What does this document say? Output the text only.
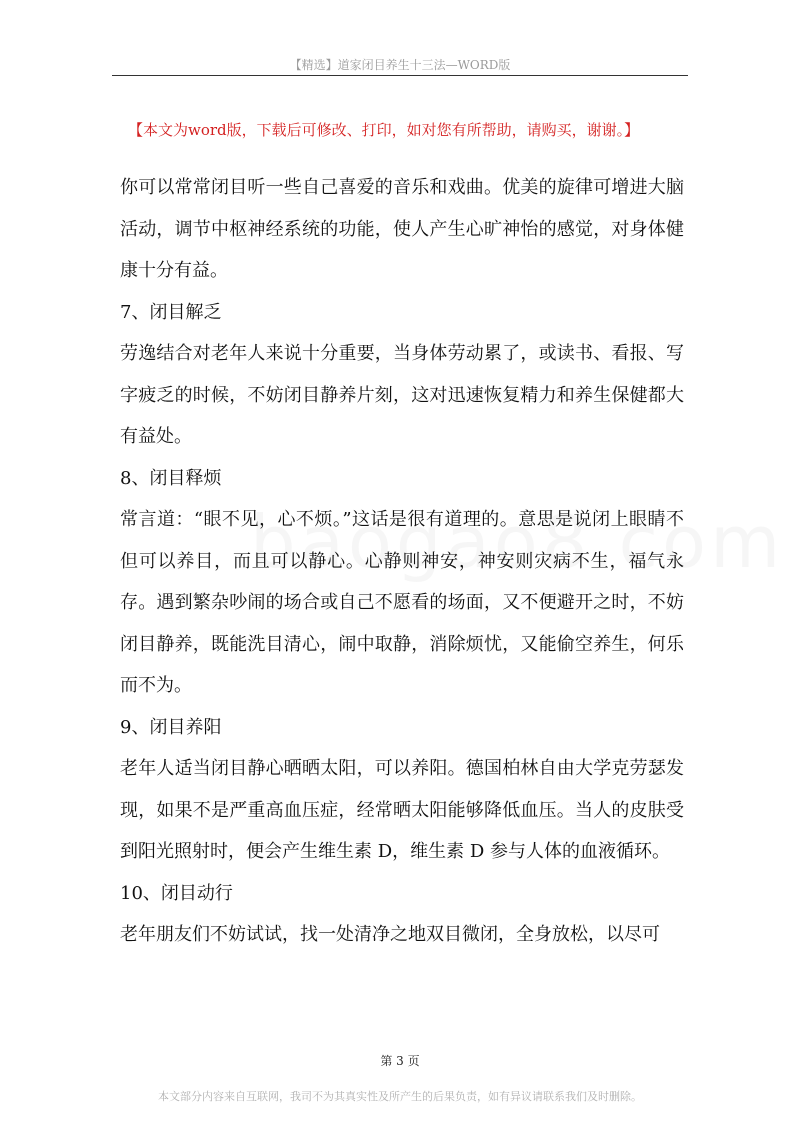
【精选】道家闭目养生十三法—WORD版
【本文为word版，下载后可修改、打印，如对您有所帮助，请购买，谢谢。】

你可以常常闭目听一些自己喜爱的音乐和戏曲。优美的旋律可增进大脑活动，调节中枢神经系统的功能，使人产生心旷神怡的感觉，对身体健康十分有益。

7、闭目解乏

劳逸结合对老年人来说十分重要，当身体劳动累了，或读书、看报、写字疲乏的时候，不妨闭目静养片刻，这对迅速恢复精力和养生保健都大有益处。

8、闭目释烦

常言道：“眼不见，心不烦。”这话是很有道理的。意思是说闭上眼睛不但可以养目，而且可以静心。心静则神安，神安则灾病不生，福气永存。遇到繁杂吵闹的场合或自己不愿看的场面，又不便避开之时，不妨闭目静养，既能洗目清心，闹中取静，消除烦忧，又能偷空养生，何乐而不为。

9、闭目养阳

老年人适当闭目静心晒晒太阳，可以养阳。德国柏林自由大学克劳瑟发现，如果不是严重高血压症，经常晒太阳能够降低血压。当人的皮肤受到阳光照射时，便会产生维生素 D，维生素 D 参与人体的血液循环。

10、闭目动行

老年朋友们不妨试试，找一处清净之地双目微闭，全身放松，以尽可

第 3 页
本文部分内容来自互联网，我司不为其真实性及所产生的后果负责，如有异议请联系我们及时删除。
